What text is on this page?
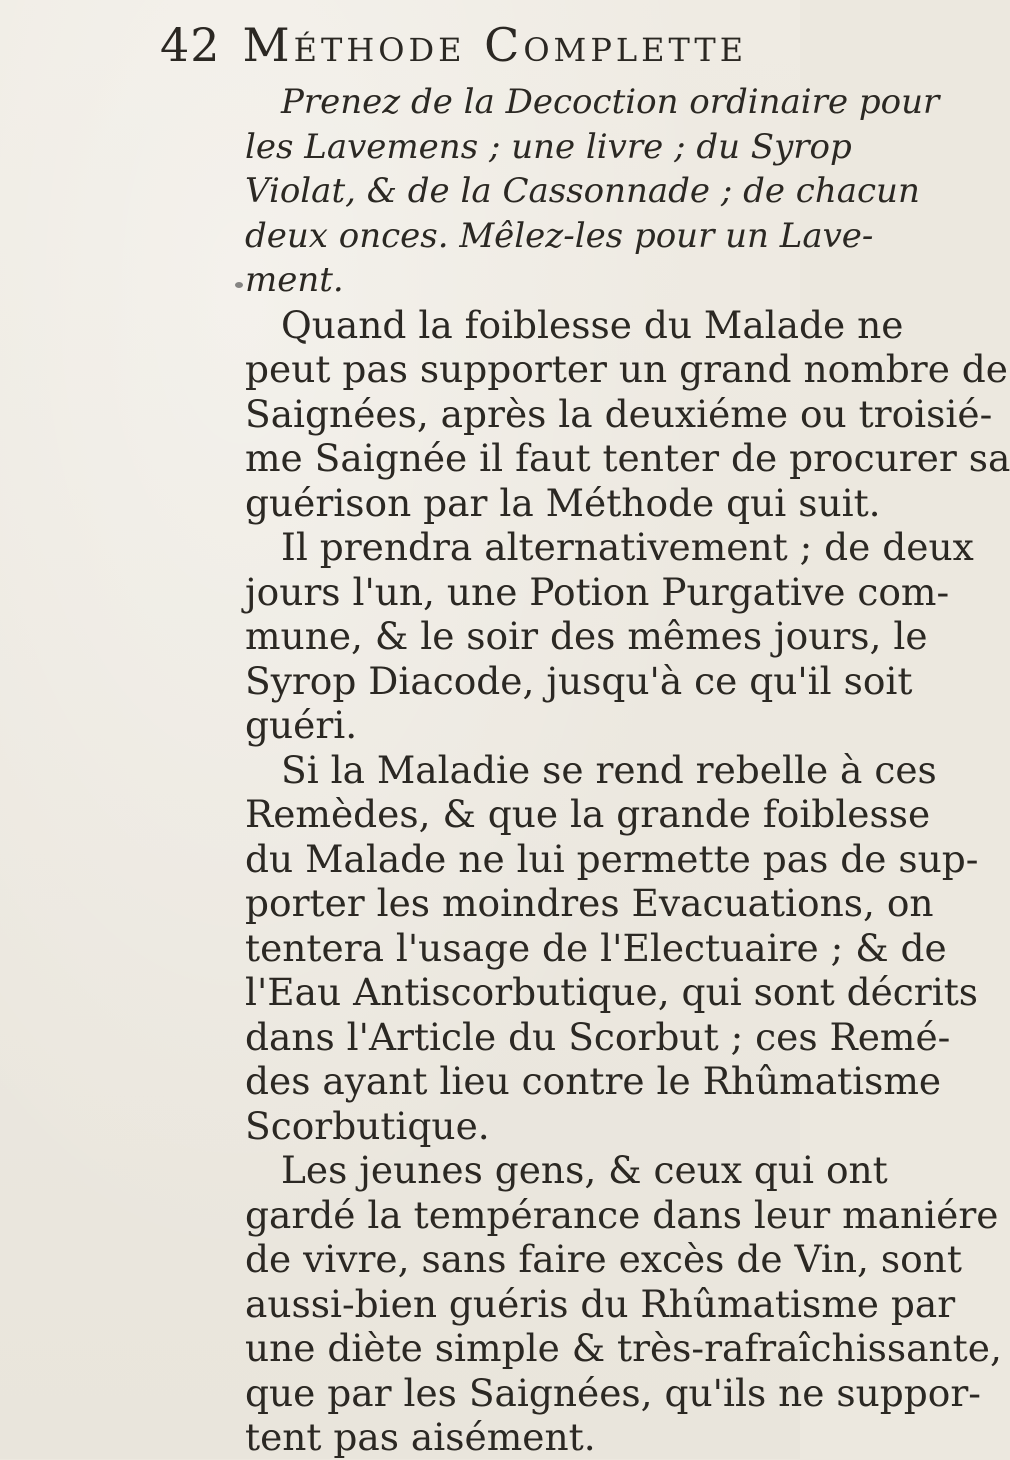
42 Méthode Complette
Prenez de la Decoction ordinaire pour
les Lavemens ; une livre ; du Syrop
Violat, & de la Cassonnade ; de chacun
deux onces. Mêlez-les pour un Lave-
ment.
Quand la foiblesse du Malade ne
peut pas supporter un grand nombre de
Saignées, après la deuxiéme ou troisié-
me Saignée il faut tenter de procurer sa
guérison par la Méthode qui suit.
Il prendra alternativement ; de deux
jours l'un, une Potion Purgative com-
mune, & le soir des mêmes jours, le
Syrop Diacode, jusqu'à ce qu'il soit
guéri.
Si la Maladie se rend rebelle à ces
Remèdes, & que la grande foiblesse
du Malade ne lui permette pas de sup-
porter les moindres Evacuations, on
tentera l'usage de l'Electuaire ; & de
l'Eau Antiscorbutique, qui sont décrits
dans l'Article du Scorbut ; ces Remé-
des ayant lieu contre le Rhûmatisme
Scorbutique.
Les jeunes gens, & ceux qui ont
gardé la tempérance dans leur maniére
de vivre, sans faire excès de Vin, sont
aussi-bien guéris du Rhûmatisme par
une diète simple & très-rafraîchissante,
que par les Saignées, qu'ils ne suppor-
tent pas aisément.
